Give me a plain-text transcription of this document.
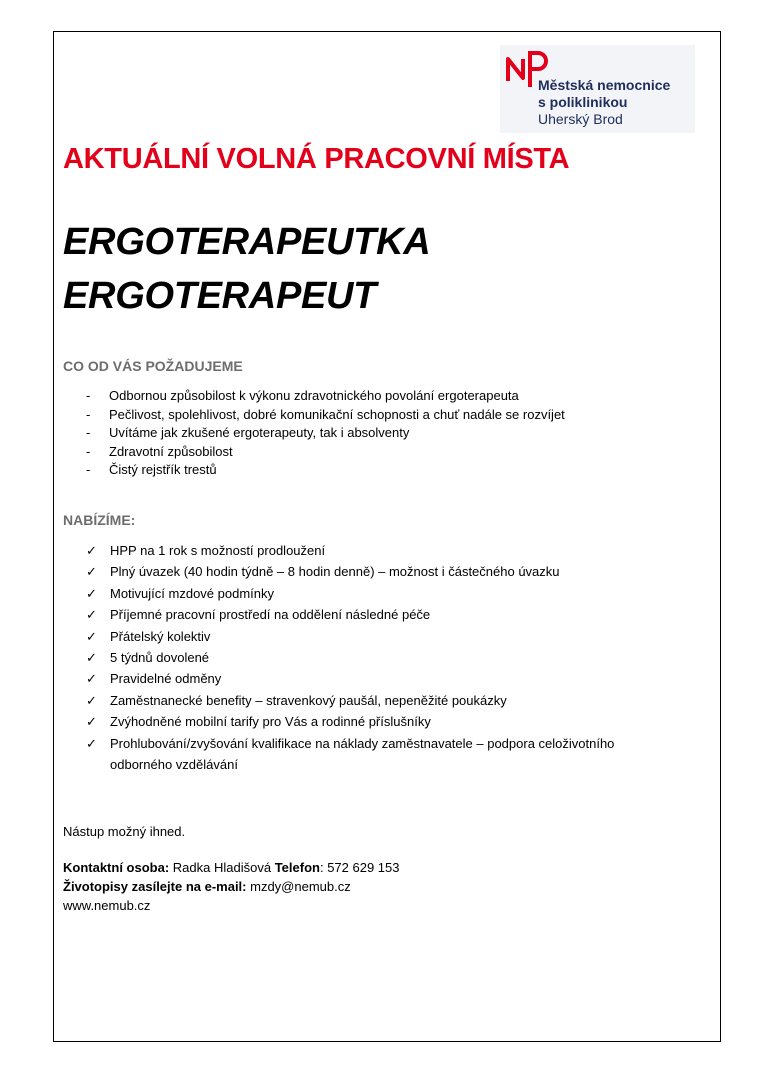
Městská nemocnice
s poliklinikou
Uherský Brod
AKTUÁLNÍ VOLNÁ PRACOVNÍ MÍSTA
ERGOTERAPEUTKA
ERGOTERAPEUT
CO OD VÁS POŽADUJEME
-	Odbornou způsobilost k výkonu zdravotnického povolání ergoterapeuta
-	Pečlivost, spolehlivost, dobré komunikační schopnosti a chuť nadále se rozvíjet
-	Uvítáme jak zkušené ergoterapeuty, tak i absolventy
-	Zdravotní způsobilost
-	Čistý rejstřík trestů
NABÍZÍME:
✓	HPP na 1 rok s možností prodloužení
✓	Plný úvazek (40 hodin týdně – 8 hodin denně) – možnost i částečného úvazku
✓	Motivující mzdové podmínky
✓	Příjemné pracovní prostředí na oddělení následné péče
✓	Přátelský kolektiv
✓	5 týdnů dovolené
✓	Pravidelné odměny
✓	Zaměstnanecké benefity – stravenkový paušál, nepeněžité poukázky
✓	Zvýhodněné mobilní tarify pro Vás a rodinné příslušníky
✓	Prohlubování/zvyšování kvalifikace na náklady zaměstnavatele – podpora celoživotního odborného vzdělávání
Nástup možný ihned.
Kontaktní osoba: Radka Hladišová Telefon: 572 629 153
Životopisy zasílejte na e-mail: mzdy@nemub.cz
www.nemub.cz
